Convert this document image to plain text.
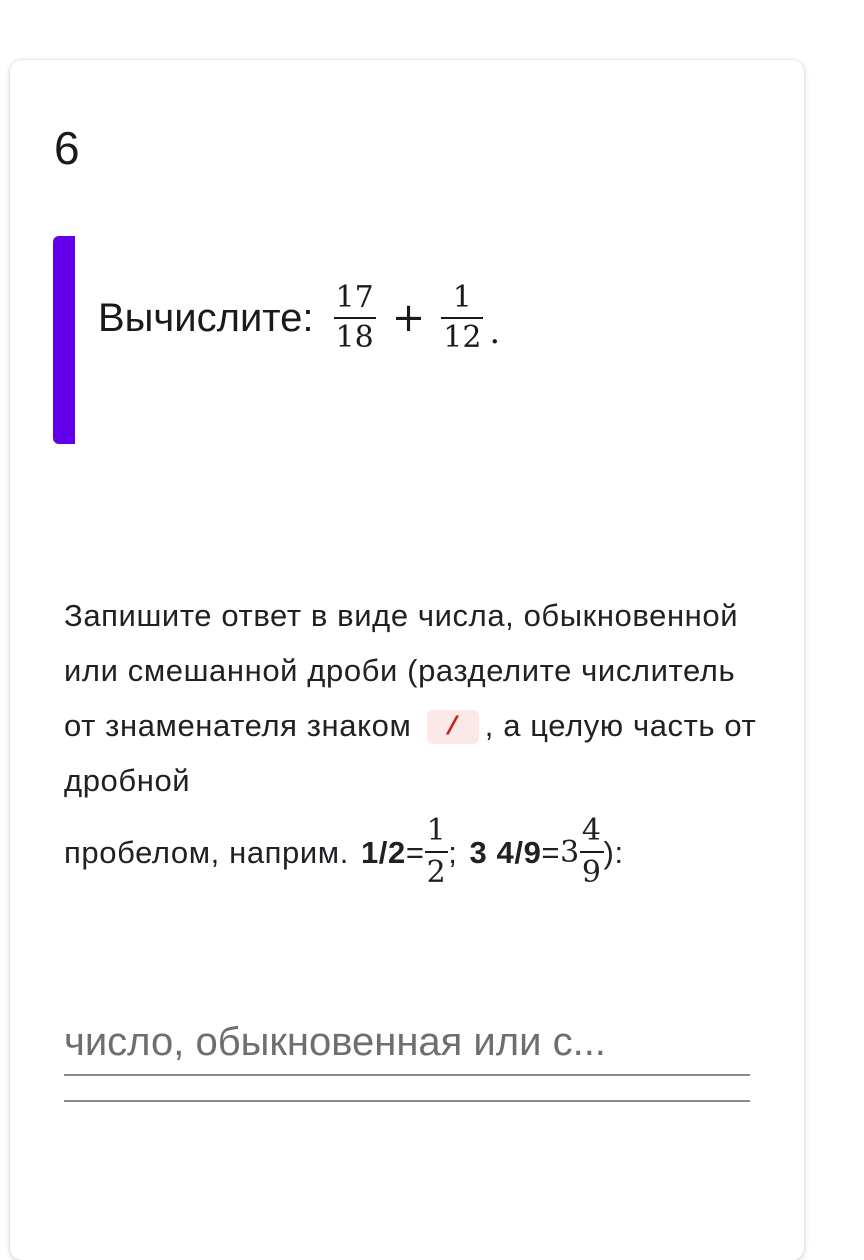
6
Вычислите: $\frac{17}{18} + \frac{1}{12}$ .
Запишите ответ в виде числа, обыкновенной или смешанной дроби (разделите числитель от знаменателя знаком / , а целую часть от дробной
пробелом, наприм. $1/2 = \frac{1}{2}$ ; 3 $4/9 = 3 \frac{4}{9}$ ):
число, обыкновенная или с...
